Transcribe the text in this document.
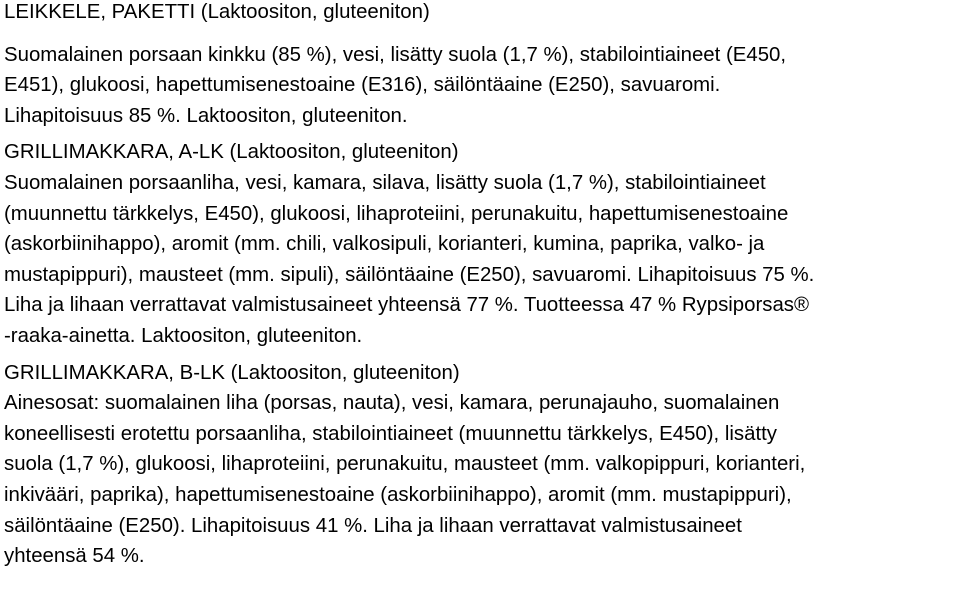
LEIKKELE, PAKETTI (Laktoositon, gluteeniton)
Suomalainen porsaan kinkku (85 %), vesi, lisätty suola (1,7 %), stabilointiaineet (E450,
E451), glukoosi, hapettumisenestoaine (E316), säilöntäaine (E250), savuaromi.
Lihapitoisuus 85 %. Laktoositon, gluteeniton.
GRILLIMAKKARA, A-LK (Laktoositon, gluteeniton)
Suomalainen porsaanliha, vesi, kamara, silava, lisätty suola (1,7 %), stabilointiaineet
(muunnettu tärkkelys, E450), glukoosi, lihaproteiini, perunakuitu, hapettumisenestoaine
(askorbiinihappo), aromit (mm. chili, valkosipuli, korianteri, kumina, paprika, valko- ja
mustapippuri), mausteet (mm. sipuli), säilöntäaine (E250), savuaromi. Lihapitoisuus 75 %.
Liha ja lihaan verrattavat valmistusaineet yhteensä 77 %. Tuotteessa 47 % Rypsiporsas®
-raaka-ainetta. Laktoositon, gluteeniton.
GRILLIMAKKARA, B-LK (Laktoositon, gluteeniton)
Ainesosat: suomalainen liha (porsas, nauta), vesi, kamara, perunajauho, suomalainen
koneellisesti erotettu porsaanliha, stabilointiaineet (muunnettu tärkkelys, E450), lisätty
suola (1,7 %), glukoosi, lihaproteiini, perunakuitu, mausteet (mm. valkopippuri, korianteri,
inkivääri, paprika), hapettumisenestoaine (askorbiinihappo), aromit (mm. mustapippuri),
säilöntäaine (E250). Lihapitoisuus 41 %. Liha ja lihaan verrattavat valmistusaineet
yhteensä 54 %.
